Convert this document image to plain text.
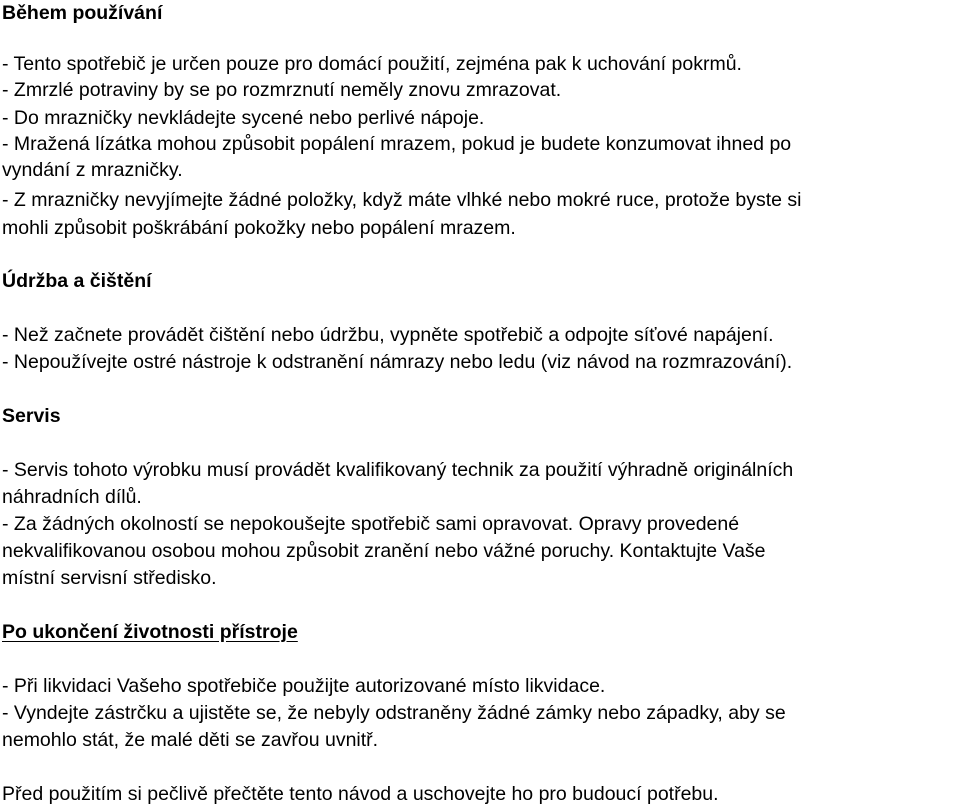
Během používání
- Tento spotřebič je určen pouze pro domácí použití, zejména pak k uchování pokrmů.
- Zmrzlé potraviny by se po rozmrznutí neměly znovu zmrazovat.
- Do mrazničky nevkládejte sycené nebo perlivé nápoje.
- Mražená lízátka mohou způsobit popálení mrazem, pokud je budete konzumovat ihned po
vyndání z mrazničky.
- Z mrazničky nevyjímejte žádné položky, když máte vlhké nebo mokré ruce, protože byste si
mohli způsobit poškrábání pokožky nebo popálení mrazem.
Údržba a čištění
- Než začnete provádět čištění nebo údržbu, vypněte spotřebič a odpojte síťové napájení.
- Nepoužívejte ostré nástroje k odstranění námrazy nebo ledu (viz návod na rozmrazování).
Servis
- Servis tohoto výrobku musí provádět kvalifikovaný technik za použití výhradně originálních
náhradních dílů.
- Za žádných okolností se nepokoušejte spotřebič sami opravovat. Opravy provedené
nekvalifikovanou osobou mohou způsobit zranění nebo vážné poruchy. Kontaktujte Vaše
místní servisní středisko.
Po ukončení životnosti přístroje
- Při likvidaci Vašeho spotřebiče použijte autorizované místo likvidace.
- Vyndejte zástrčku a ujistěte se, že nebyly odstraněny žádné zámky nebo západky, aby se
nemohlo stát, že malé děti se zavřou uvnitř.
Před použitím si pečlivě přečtěte tento návod a uschovejte ho pro budoucí potřebu.
